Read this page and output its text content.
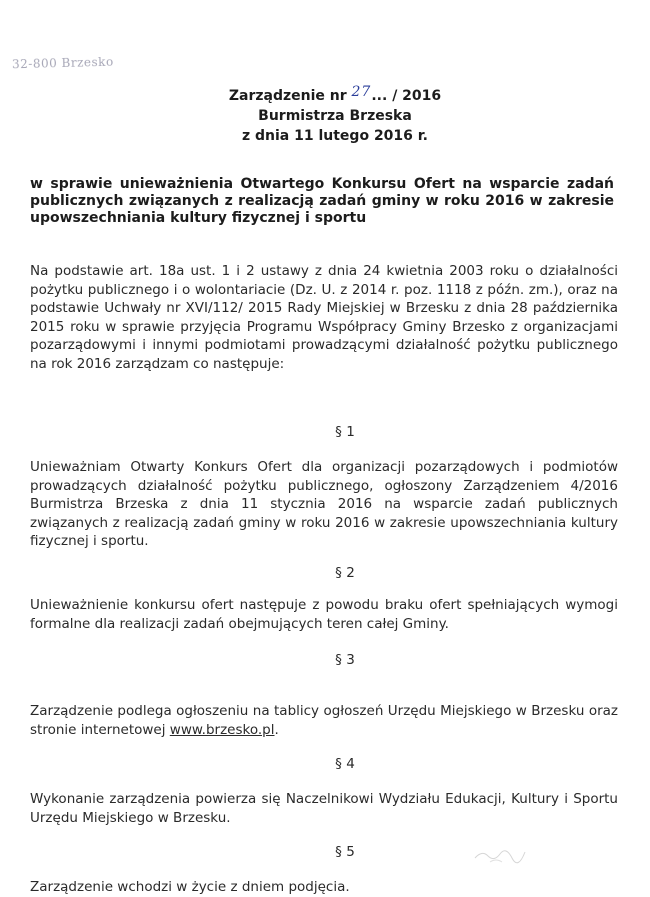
32-800 Brzesko
Zarządzenie nr 27... / 2016
Burmistrza Brzeska
z dnia 11 lutego 2016 r.
w sprawie unieważnienia Otwartego Konkursu Ofert na wsparcie zadań publicznych związanych z realizacją zadań gminy w roku 2016 w zakresie upowszechniania kultury fizycznej i sportu
Na podstawie art. 18a ust. 1 i 2 ustawy z dnia 24 kwietnia 2003 roku o działalności pożytku publicznego i o wolontariacie (Dz. U. z 2014 r. poz. 1118 z późn. zm.), oraz na podstawie Uchwały nr XVI/112/ 2015 Rady Miejskiej w Brzesku z dnia 28 października 2015 roku w sprawie przyjęcia Programu Współpracy Gminy Brzesko z organizacjami pozarządowymi i innymi podmiotami prowadzącymi działalność pożytku publicznego na rok 2016 zarządzam co następuje:
§ 1
Unieważniam Otwarty Konkurs Ofert dla organizacji pozarządowych i podmiotów prowadzących działalność pożytku publicznego, ogłoszony Zarządzeniem 4/2016 Burmistrza Brzeska z dnia 11 stycznia 2016 na wsparcie zadań publicznych związanych z realizacją zadań gminy w roku 2016 w zakresie upowszechniania kultury fizycznej i sportu.
§ 2
Unieważnienie konkursu ofert następuje z powodu braku ofert spełniających wymogi formalne dla realizacji zadań obejmujących teren całej Gminy.
§ 3
Zarządzenie podlega ogłoszeniu na tablicy ogłoszeń Urzędu Miejskiego w Brzesku oraz stronie internetowej www.brzesko.pl.
§ 4
Wykonanie zarządzenia powierza się Naczelnikowi Wydziału Edukacji, Kultury i Sportu Urzędu Miejskiego w Brzesku.
§ 5
Zarządzenie wchodzi w życie z dniem podjęcia.
